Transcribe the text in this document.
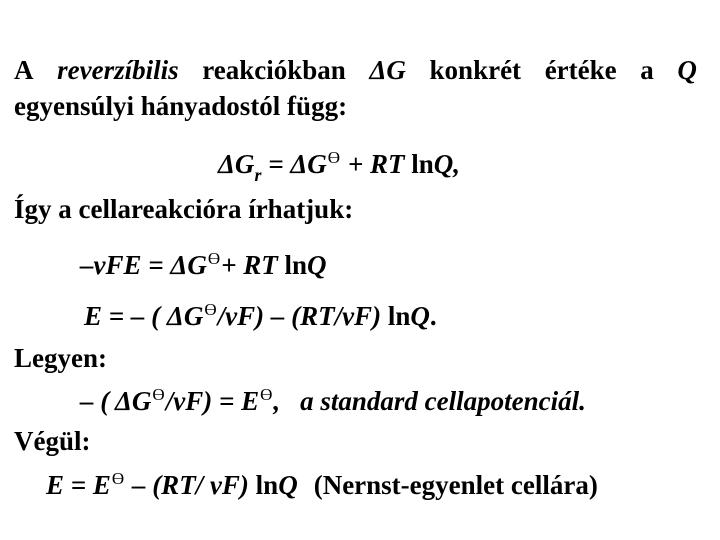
A reverzíbilis reakciókban ΔG konkrét értéke a Q
egyensúlyi hányadostól függ:
$\Delta G_r = \Delta Gϴ$ + RT lnQ,
Így a cellareakcióra írhatjuk:
–νFE = ΔGϴ+ RT lnQ
E = – ( ΔGϴ/νF) – (RT/νF) lnQ.
Legyen:
– ( ΔGϴ/νF) = Eϴ, a standard cellapotenciál.
Végül:
E = Eϴ – (RT/ νF) lnQ (Nernst-egyenlet cellára)
